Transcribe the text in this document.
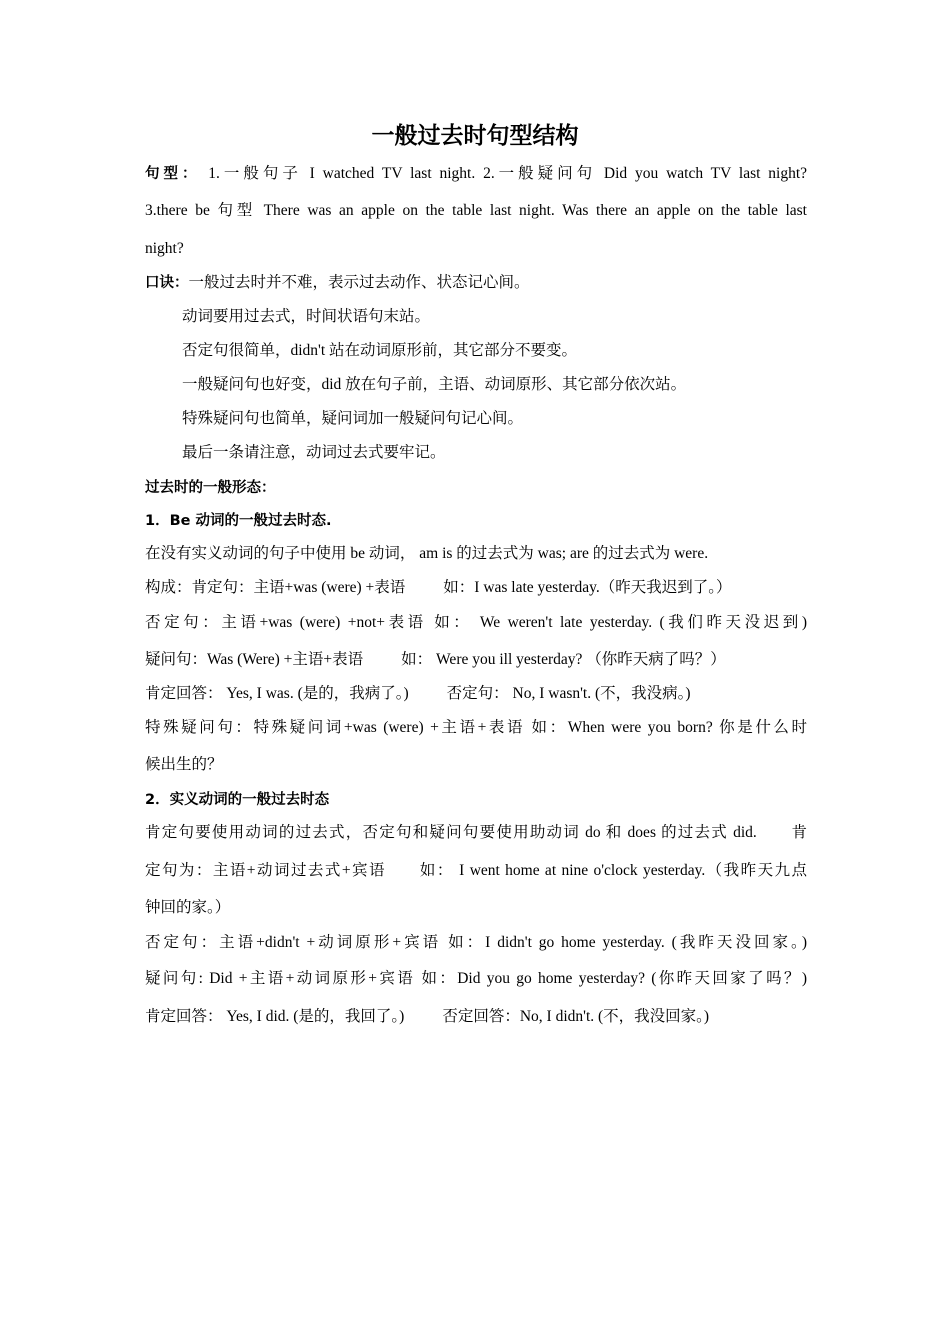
一般过去时句型结构
句型： 1.一般句子 I watched TV last night. 2.一般疑问句 Did you watch TV last night?
3.there be 句型 There was an apple on the table last night. Was there an apple on the table last
night?
口诀：一般过去时并不难，表示过去动作、状态记心间。
动词要用过去式，时间状语句末站。
否定句很简单，didn't 站在动词原形前，其它部分不要变。
一般疑问句也好变，did 放在句子前，主语、动词原形、其它部分依次站。
特殊疑问句也简单，疑问词加一般疑问句记心间。
最后一条请注意，动词过去式要牢记。
过去时的一般形态：
1．Be 动词的一般过去时态.
在没有实义动词的句子中使用 be 动词， am is 的过去式为 was; are 的过去式为 were.
构成：肯定句：主语+was (were) +表语 如：I was late yesterday.（昨天我迟到了。）
否定句：主语+was (were) +not+表语 如： We weren't late yesterday. (我们昨天没迟到)
疑问句：Was (Were) +主语+表语 如： Were you ill yesterday? （你昨天病了吗？）
肯定回答： Yes, I was. (是的，我病了。) 否定句： No, I wasn't. (不，我没病。)
特殊疑问句：特殊疑问词+was (were) +主语+表语 如：When were you born? 你是什么时
候出生的？
2．实义动词的一般过去时态
肯定句要使用动词的过去式，否定句和疑问句要使用助动词 do 和 does 的过去式 did.　　肯
定句为：主语+动词过去式+宾语　　如： I went home at nine o'clock yesterday.（我昨天九点
钟回的家。）
否定句：主语+didn't +动词原形+宾语 如：I didn't go home yesterday. (我昨天没回家。)
疑问句: Did +主语+动词原形+宾语 如：Did you go home yesterday? (你昨天回家了吗？)
肯定回答： Yes, I did. (是的，我回了。) 否定回答：No, I didn't. (不，我没回家。)
